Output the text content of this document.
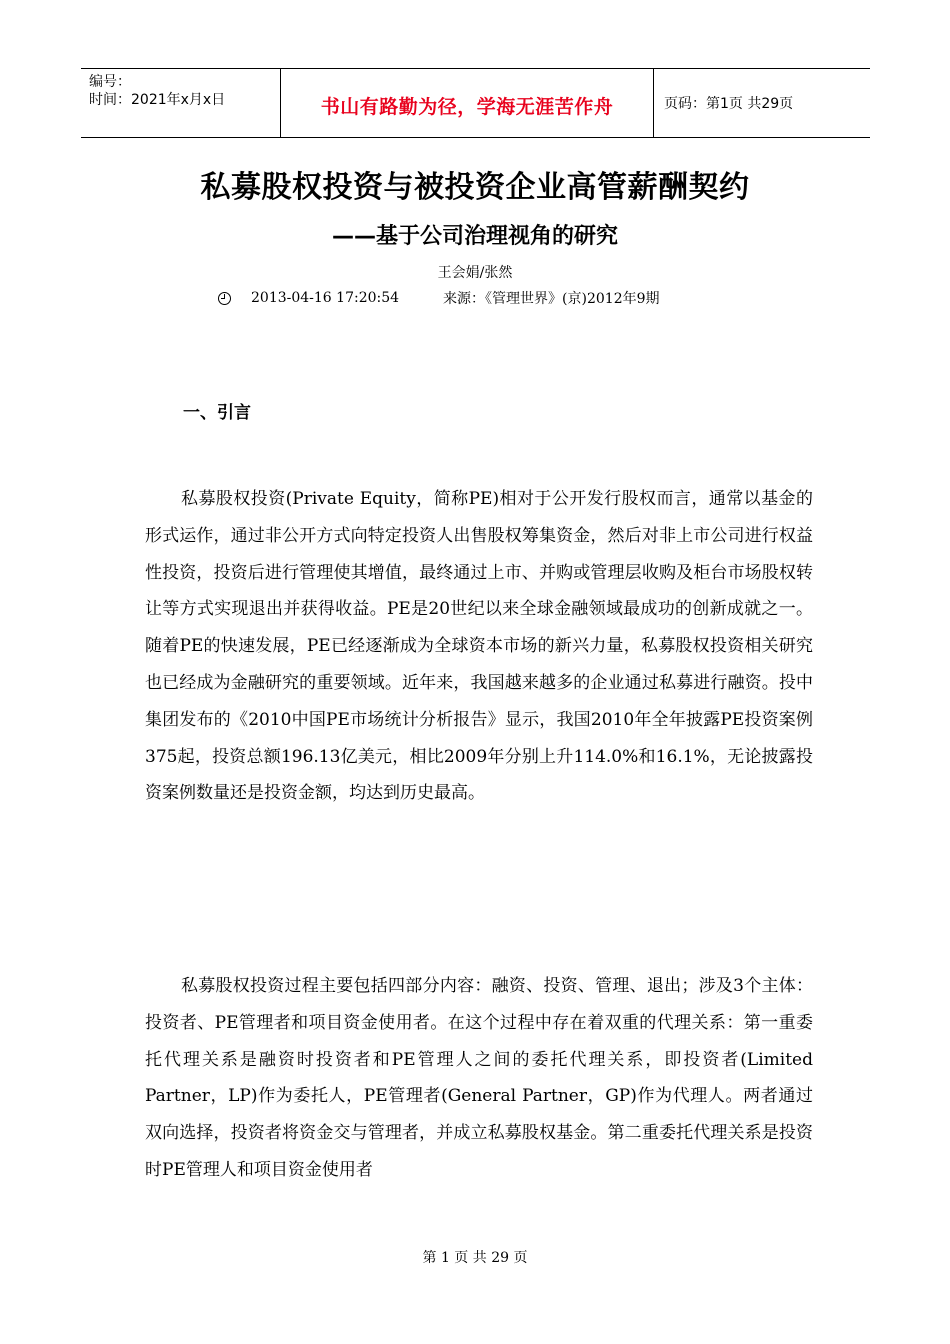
编号：
时间：2021年x月x日	书山有路勤为径，学海无涯苦作舟	页码：第1页 共29页
私募股权投资与被投资企业高管薪酬契约
——基于公司治理视角的研究
王会娟/张然
2013-04-16 17:20:54	来源：《管理世界》(京)2012年9期
一、引言
私募股权投资(Private Equity，简称PE)相对于公开发行股权而言，通常以基金的形式运作，通过非公开方式向特定投资人出售股权筹集资金，然后对非上市公司进行权益性投资，投资后进行管理使其增值，最终通过上市、并购或管理层收购及柜台市场股权转让等方式实现退出并获得收益。PE是20世纪以来全球金融领域最成功的创新成就之一。随着PE的快速发展，PE已经逐渐成为全球资本市场的新兴力量，私募股权投资相关研究也已经成为金融研究的重要领域。近年来，我国越来越多的企业通过私募进行融资。投中集团发布的《2010中国PE市场统计分析报告》显示，我国2010年全年披露PE投资案例375起，投资总额196.13亿美元，相比2009年分别上升114.0%和16.1%，无论披露投资案例数量还是投资金额，均达到历史最高。
私募股权投资过程主要包括四部分内容：融资、投资、管理、退出；涉及3个主体：投资者、PE管理者和项目资金使用者。在这个过程中存在着双重的代理关系：第一重委托代理关系是融资时投资者和PE管理人之间的委托代理关系，即投资者(Limited Partner，LP)作为委托人，PE管理者(General Partner，GP)作为代理人。两者通过双向选择，投资者将资金交与管理者，并成立私募股权基金。第二重委托代理关系是投资时PE管理人和项目资金使用者
第 1 页 共 29 页
